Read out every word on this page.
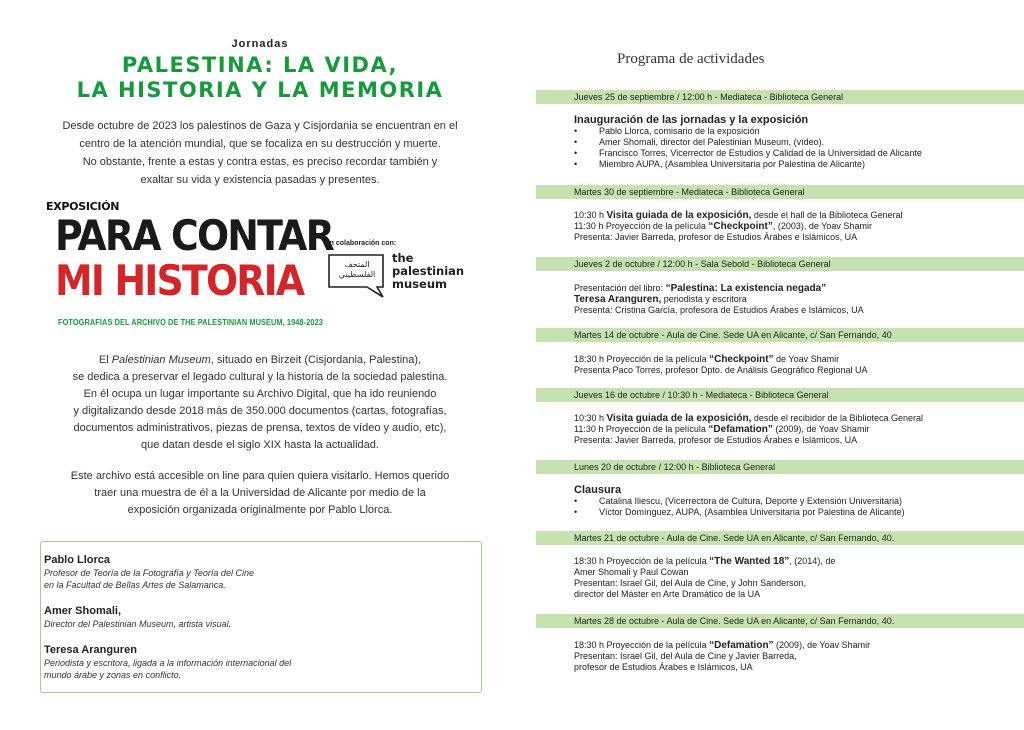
Jornadas
PALESTINA: LA VIDA,
LA HISTORIA Y LA MEMORIA
Desde octubre de 2023 los palestinos de Gaza y Cisjordania se encuentran en el
centro de la atención mundial, que se focaliza en su destrucción y muerte.
No obstante, frente a estas y contra estas, es preciso recordar también y
exaltar su vida y existencia pasadas y presentes.
EXPOSICIÓN
PARA CONTAR
MI HISTORIA
FOTOGRAFÍAS DEL ARCHIVO DE THE PALESTINIAN MUSEUM, 1948-2023
En colaboración con:
المتحف الفلسطيني
the
palestinian
museum
El Palestinian Museum, situado en Birzeit (Cisjordania, Palestina),
se dedica a preservar el legado cultural y la historia de la sociedad palestina.
En él ocupa un lugar importante su Archivo Digital, que ha ido reuniendo
y digitalizando desde 2018 más de 350.000 documentos (cartas, fotografías,
documentos administrativos, piezas de prensa, textos de vídeo y audio, etc),
que datan desde el siglo XIX hasta la actualidad.
Este archivo está accesible on line para quien quiera visitarlo. Hemos querido
traer una muestra de él a la Universidad de Alicante por medio de la
exposición organizada originalmente por Pablo Llorca.
Pablo Llorca
Profesor de Teoría de la Fotografía y Teoría del Cine
en la Facultad de Bellas Artes de Salamanca.
Amer Shomali,
Director del Palestinian Museum, artista visual.
Teresa Aranguren
Periodista y escritora, ligada a la información internacional del
mundo árabe y zonas en conflicto.
Programa de actividades
Jueves 25 de septiembre / 12:00 h - Mediateca - Biblioteca General
Inauguración de las jornadas y la exposición
• Pablo Llorca, comisario de la exposición
• Amer Shomali, director del Palestinian Museum, (vídeo).
• Francisco Torres, Vicerrector de Estudios y Calidad de la Universidad de Alicante
• Miembro AUPA, (Asamblea Universitaria por Palestina de Alicante)
Martes 30 de septiembre - Mediateca - Biblioteca General
10:30 h Visita guiada de la exposición, desde el hall de la Biblioteca General
11:30 h Proyección de la película “Checkpoint”, (2003), de Yoav Shamir
Presenta: Javier Barreda, profesor de Estudios Árabes e Islámicos, UA
Jueves 2 de octubre / 12:00 h - Sala Sebold - Biblioteca General
Presentación del libro: “Palestina: La existencia negada”
Teresa Aranguren, periodista y escritora
Presenta: Cristina García, profesora de Estudios Árabes e Islámicos, UA
Martes 14 de octubre - Aula de Cine. Sede UA en Alicante, c/ San Fernando, 40
18:30 h Proyección de la película “Checkpoint” de Yoav Shamir
Presenta Paco Torres, profesor Dpto. de Análisis Geográfico Regional UA
Jueves 16 de octubre / 10:30 h - Mediateca - Biblioteca General
10:30 h Visita guiada de la exposición, desde el recibidor de la Biblioteca General
11:30 h Proyección de la película “Defamation” (2009), de Yoav Shamir
Presenta: Javier Barreda, profesor de Estudios Árabes e Islámicos, UA
Lunes 20 de octubre / 12:00 h - Biblioteca General
Clausura
• Catalina Iliescu, (Vicerrectora de Cultura, Deporte y Extensión Universitaria)
• Víctor Domínguez, AUPA, (Asamblea Universitaria por Palestina de Alicante)
Martes 21 de octubre - Aula de Cine. Sede UA en Alicante, c/ San Fernando, 40.
18:30 h Proyección de la película “The Wanted 18”, (2014), de
Amer Shomali y Paul Cowan
Presentan: Israel Gil, del Aula de Cine, y John Sanderson,
director del Máster en Arte Dramático de la UA
Martes 28 de octubre - Aula de Cine. Sede UA en Alicante, c/ San Fernando, 40.
18:30 h Proyección de la película “Defamation” (2009), de Yoav Shamir
Presentan: Israel Gil, del Aula de Cine y Javier Barreda,
profesor de Estudios Árabes e Islámicos, UA
